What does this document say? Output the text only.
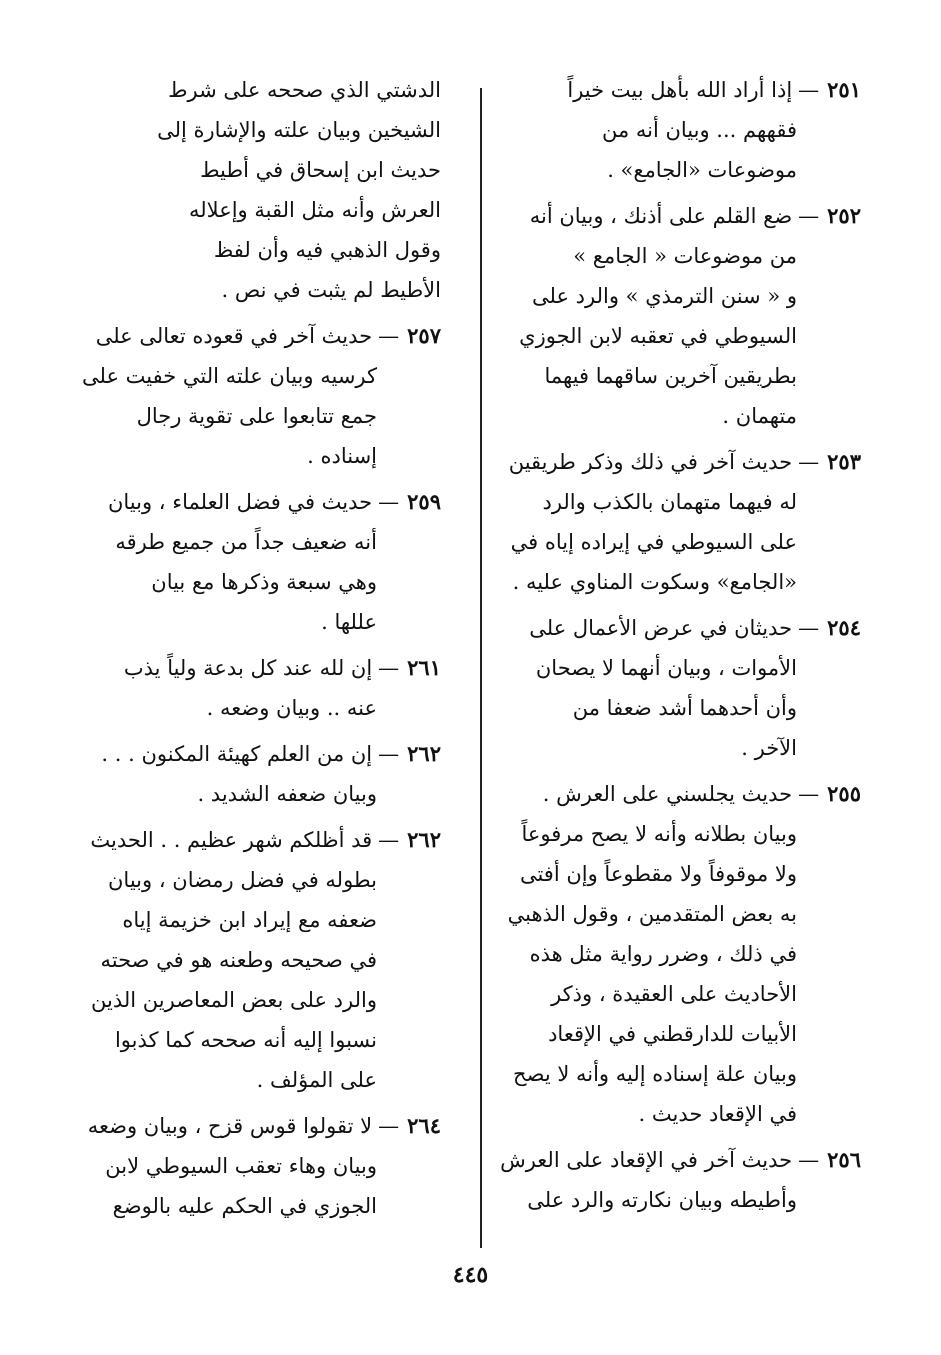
٢٥١—إذا أراد الله بأهل بيت خيراً
فقههم ... وبيان أنه من
موضوعات «الجامع» .
٢٥٢—ضع القلم على أذنك ، وبيان أنه
من موضوعات « الجامع »
و « سنن الترمذي » والرد على
السيوطي في تعقبه لابن الجوزي
بطريقين آخرين ساقهما فيهما
متهمان .
٢٥٣—حديث آخر في ذلك وذكر طريقين
له فيهما متهمان بالكذب والرد
على السيوطي في إيراده إياه في
«الجامع» وسكوت المناوي عليه .
٢٥٤—حديثان في عرض الأعمال على
الأموات ، وبيان أنهما لا يصحان
وأن أحدهما أشد ضعفا من
الآخر .
٢٥٥—حديث يجلسني على العرش .
وبيان بطلانه وأنه لا يصح مرفوعاً
ولا موقوفاً ولا مقطوعاً وإن أفتى
به بعض المتقدمين ، وقول الذهبي
في ذلك ، وضرر رواية مثل هذه
الأحاديث على العقيدة ، وذكر
الأبيات للدارقطني في الإقعاد
وبيان علة إسناده إليه وأنه لا يصح
في الإقعاد حديث .
٢٥٦—حديث آخر في الإقعاد على العرش
وأطيطه وبيان نكارته والرد على
الدشتي الذي صححه على شرط
الشيخين وبيان علته والإشارة إلى
حديث ابن إسحاق في أطيط
العرش وأنه مثل القبة وإعلاله
وقول الذهبي فيه وأن لفظ
الأطيط لم يثبت في نص .
٢٥٧—حديث آخر في قعوده تعالى على
كرسيه وبيان علته التي خفيت على
جمع تتابعوا على تقوية رجال
إسناده .
٢٥٩—حديث في فضل العلماء ، وبيان
أنه ضعيف جداً من جميع طرقه
وهي سبعة وذكرها مع بيان
عللها .
٢٦١—إن لله عند كل بدعة ولياً يذب
عنه .. وبيان وضعه .
٢٦٢—إن من العلم كهيئة المكنون . . .
وبيان ضعفه الشديد .
٢٦٢—قد أظلكم شهر عظيم . . الحديث
بطوله في فضل رمضان ، وبيان
ضعفه مع إيراد ابن خزيمة إياه
في صحيحه وطعنه هو في صحته
والرد على بعض المعاصرين الذين
نسبوا إليه أنه صححه كما كذبوا
على المؤلف .
٢٦٤—لا تقولوا قوس قزح ، وبيان وضعه
وبيان وهاء تعقب السيوطي لابن
الجوزي في الحكم عليه بالوضع
٤٤٥
